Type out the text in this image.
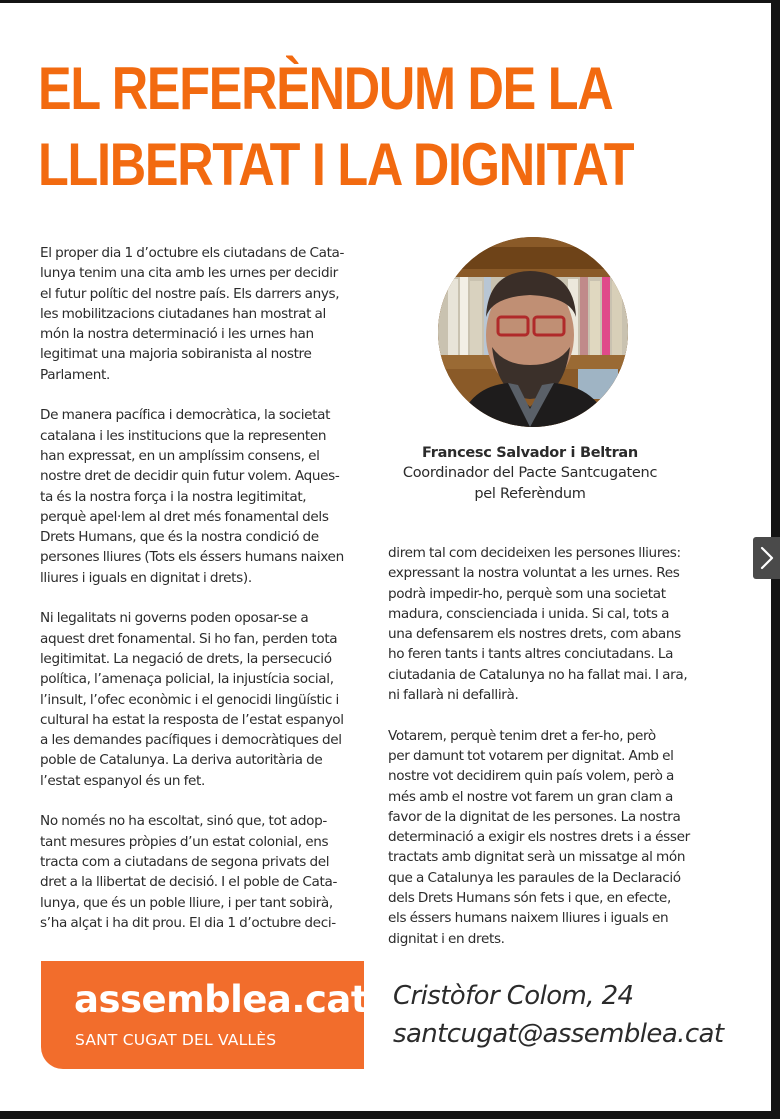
EL REFERÈNDUM DE LA
LLIBERTAT I LA DIGNITAT
El proper dia 1 d’octubre els ciutadans de Cata-
lunya tenim una cita amb les urnes per decidir
el futur polític del nostre país. Els darrers anys,
les mobilitzacions ciutadanes han mostrat al
món la nostra determinació i les urnes han
legitimat una majoria sobiranista al nostre
Parlament.
De manera pacífica i democràtica, la societat
catalana i les institucions que la representen
han expressat, en un amplíssim consens, el
nostre dret de decidir quin futur volem. Aques-
ta és la nostra força i la nostra legitimitat,
perquè apel·lem al dret més fonamental dels
Drets Humans, que és la nostra condició de
persones lliures (Tots els éssers humans naixen
lliures i iguals en dignitat i drets).
Ni legalitats ni governs poden oposar-se a
aquest dret fonamental. Si ho fan, perden tota
legitimitat. La negació de drets, la persecució
política, l’amenaça policial, la injustícia social,
l’insult, l’ofec econòmic i el genocidi lingüístic i
cultural ha estat la resposta de l’estat espanyol
a les demandes pacífiques i democràtiques del
poble de Catalunya. La deriva autoritària de
l’estat espanyol és un fet.
No només no ha escoltat, sinó que, tot adop-
tant mesures pròpies d’un estat colonial, ens
tracta com a ciutadans de segona privats del
dret a la llibertat de decisió. I el poble de Cata-
lunya, que és un poble lliure, i per tant sobirà,
s’ha alçat i ha dit prou. El dia 1 d’octubre deci-
Francesc Salvador i Beltran
Coordinador del Pacte Santcugatenc
pel Referèndum
direm tal com decideixen les persones lliures:
expressant la nostra voluntat a les urnes. Res
podrà impedir-ho, perquè som una societat
madura, conscienciada i unida. Si cal, tots a
una defensarem els nostres drets, com abans
ho feren tants i tants altres conciutadans. La
ciutadania de Catalunya no ha fallat mai. I ara,
ni fallarà ni defallirà.
Votarem, perquè tenim dret a fer-ho, però
per damunt tot votarem per dignitat. Amb el
nostre vot decidirem quin país volem, però a
més amb el nostre vot farem un gran clam a
favor de la dignitat de les persones. La nostra
determinació a exigir els nostres drets i a ésser
tractats amb dignitat serà un missatge al món
que a Catalunya les paraules de la Declaració
dels Drets Humans són fets i que, en efecte,
els éssers humans naixem lliures i iguals en
dignitat i en drets.
assemblea.cat
SANT CUGAT DEL VALLÈS
Cristòfor Colom, 24
santcugat@assemblea.cat
